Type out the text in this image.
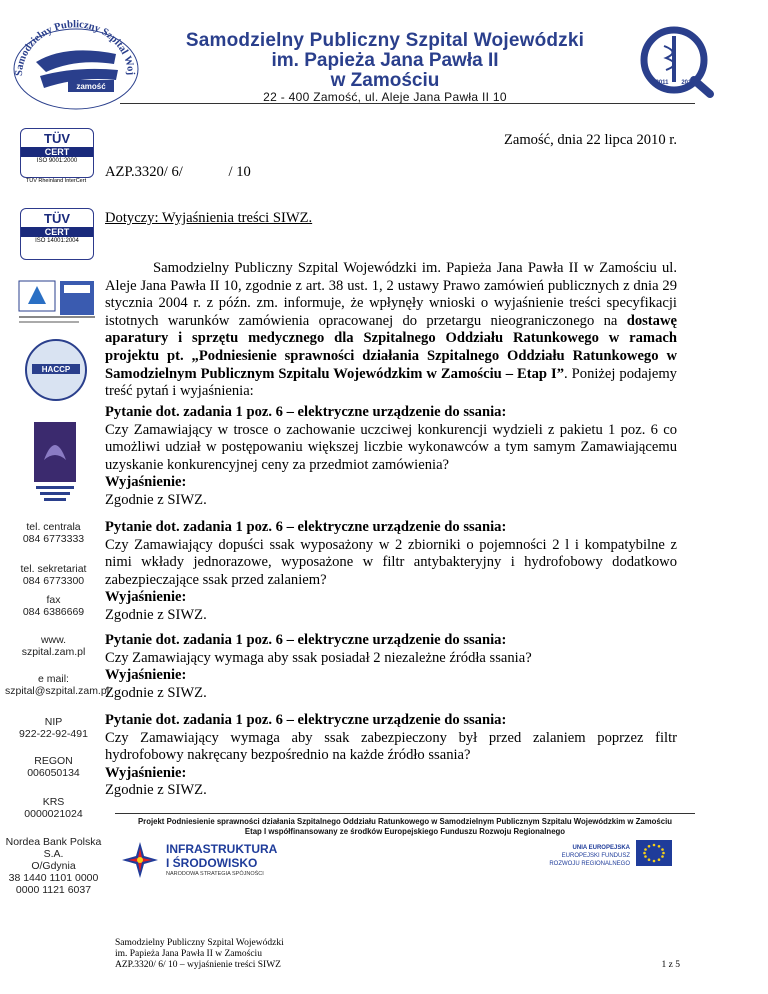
Samodzielny Publiczny Szpital Woj
zamość
Samodzielny Publiczny Szpital Wojewódzki
im. Papieża Jana Pawła II
w Zamościu
22 - 400 Zamość, ul. Aleje Jana Pawła II 10
2011 2012
TÜV
CERT
ISO 9001:2000
TÜV Rheinland InterCert
TÜV
CERT
ISO 14001:2004
HACCP
tel. centrala
084 6773333
tel. sekretariat
084 6773300
fax
084 6386669
www.
szpital.zam.pl
e mail:
szpital@szpital.zam.pl
NIP
922-22-92-491
REGON
006050134
KRS
0000021024
Nordea Bank Polska S.A.
O/Gdynia
38 1440 1101 0000
0000 1121 6037
Zamość, dnia 22 lipca 2010 r.
AZP.3320/ 6/	/ 10
Dotyczy: Wyjaśnienia treści SIWZ.
Samodzielny Publiczny Szpital Wojewódzki im. Papieża Jana Pawła II w Zamościu ul. Aleje Jana Pawła II 10, zgodnie z art. 38 ust. 1, 2 ustawy Prawo zamówień publicznych z dnia 29 stycznia 2004 r. z późn. zm. informuje, że wpłynęły wnioski o wyjaśnienie treści specyfikacji istotnych warunków zamówienia opracowanej do przetargu nieograniczonego na dostawę aparatury i sprzętu medycznego dla Szpitalnego Oddziału Ratunkowego w ramach projektu pt. „Podniesienie sprawności działania Szpitalnego Oddziału Ratunkowego w Samodzielnym Publicznym Szpitalu Wojewódzkim w Zamościu – Etap I”. Poniżej podajemy treść pytań i wyjaśnienia:
Pytanie dot. zadania 1 poz. 6 – elektryczne urządzenie do ssania:
Czy Zamawiający w trosce o zachowanie uczciwej konkurencji wydzieli z pakietu 1 poz. 6 co umożliwi udział w postępowaniu większej liczbie wykonawców a tym samym Zamawiającemu uzyskanie konkurencyjnej ceny za przedmiot zamówienia?
Wyjaśnienie:
Zgodnie z SIWZ.
Pytanie dot. zadania 1 poz. 6 – elektryczne urządzenie do ssania:
Czy Zamawiający dopuści ssak wyposażony w 2 zbiorniki o pojemności 2 l i kompatybilne z nimi wkłady jednorazowe, wyposażone w filtr antybakteryjny i hydrofobowy dodatkowo zabezpieczające ssak przed zalaniem?
Wyjaśnienie:
Zgodnie z SIWZ.
Pytanie dot. zadania 1 poz. 6 – elektryczne urządzenie do ssania:
Czy Zamawiający wymaga aby ssak posiadał 2 niezależne źródła ssania?
Wyjaśnienie:
Zgodnie z SIWZ.
Pytanie dot. zadania 1 poz. 6 – elektryczne urządzenie do ssania:
Czy Zamawiający wymaga aby ssak zabezpieczony był przed zalaniem poprzez filtr hydrofobowy nakręcany bezpośrednio na każde źródło ssania?
Wyjaśnienie:
Zgodnie z SIWZ.
Projekt Podniesienie sprawności działania Szpitalnego Oddziału Ratunkowego w Samodzielnym Publicznym Szpitalu Wojewódzkim w Zamościu
Etap I współfinansowany ze środków Europejskiego Funduszu Rozwoju Regionalnego
INFRASTRUKTURA
I ŚRODOWISKO
NARODOWA STRATEGIA SPÓJNOŚCI
UNIA EUROPEJSKA
EUROPEJSKI FUNDUSZ
ROZWOJU REGIONALNEGO
Samodzielny Publiczny Szpital Wojewódzki
im. Papieża Jana Pawła II w Zamościu
AZP.3320/ 6/ 10 – wyjaśnienie treści SIWZ	1 z 5
